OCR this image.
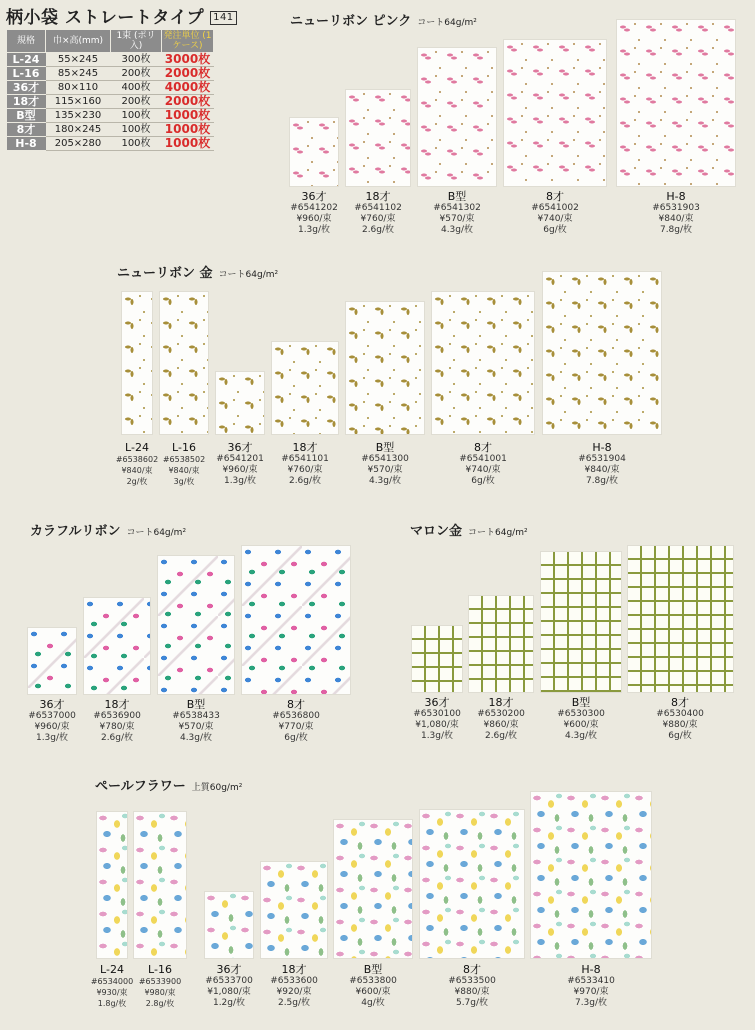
柄小袋 ストレートタイプ 141
規格	巾×高(mm)	1束 (ポリ入)	発注単位 (1ケース)
L-24	55×245	300枚	3000枚
L-16	85×245	200枚	2000枚
36才	80×110	400枚	4000枚
18才	115×160	200枚	2000枚
B型	135×230	100枚	1000枚
8才	180×245	100枚	1000枚
H-8	205×280	100枚	1000枚
ニューリボン ピンク コート64g/m²
ニューリボン 金 コート64g/m²
カラフルリボン コート64g/m²	マロン金 コート64g/m²
ペールフラワー 上質60g/m²
36才
#6541202
¥960/束
1.3g/枚
18才
#6541102
¥760/束
2.6g/枚
B型
#6541302
¥570/束
4.3g/枚
8才
#6541002
¥740/束
6g/枚
H-8
#6531903
¥840/束
7.8g/枚
L-24
#6538602
¥840/束
2g/枚
L-16
#6538502
¥840/束
3g/枚
36才
#6541201
¥960/束
1.3g/枚
18才
#6541101
¥760/束
2.6g/枚
B型
#6541300
¥570/束
4.3g/枚
8才
#6541001
¥740/束
6g/枚
H-8
#6531904
¥840/束
7.8g/枚
36才
#6537000
¥960/束
1.3g/枚
18才
#6536900
¥780/束
2.6g/枚
B型
#6538433
¥570/束
4.3g/枚
8才
#6536800
¥770/束
6g/枚
36才
#6530100
¥1,080/束
1.3g/枚
18才
#6530200
¥860/束
2.6g/枚
B型
#6530300
¥600/束
4.3g/枚
8才
#6530400
¥880/束
6g/枚
L-24
#6534000
¥930/束
1.8g/枚
L-16
#6533900
¥980/束
2.8g/枚
36才
#6533700
¥1,080/束
1.2g/枚
18才
#6533600
¥920/束
2.5g/枚
B型
#6533800
¥600/束
4g/枚
8才
#6533500
¥880/束
5.7g/枚
H-8
#6533410
¥970/束
7.3g/枚
